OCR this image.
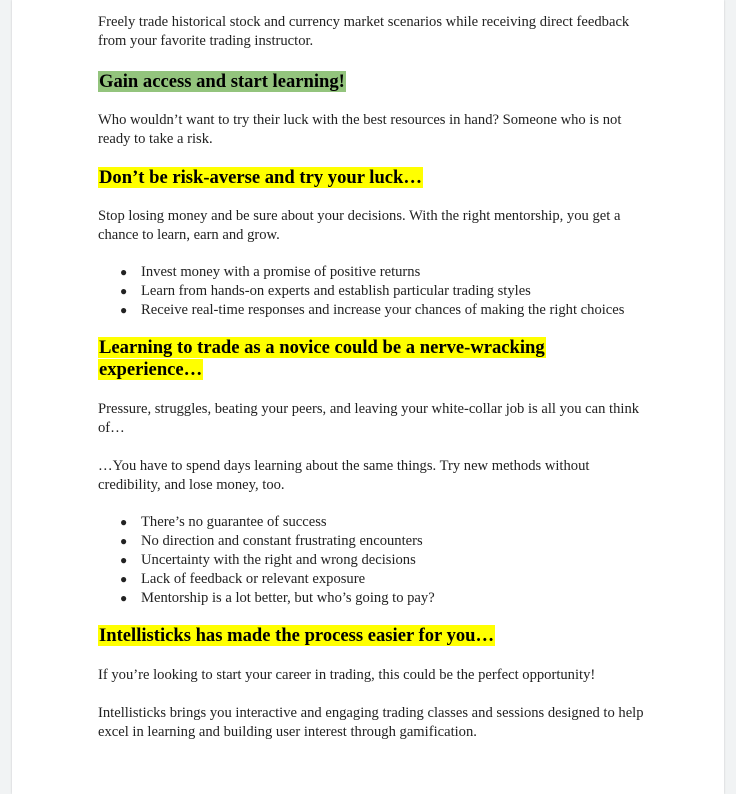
Freely trade historical stock and currency market scenarios while receiving direct feedback from your favorite trading instructor.

Gain access and start learning!

Who wouldn’t want to try their luck with the best resources in hand? Someone who is not ready to take a risk.

Don’t be risk-averse and try your luck…

Stop losing money and be sure about your decisions. With the right mentorship, you get a chance to learn, earn and grow.

● Invest money with a promise of positive returns
● Learn from hands-on experts and establish particular trading styles
● Receive real-time responses and increase your chances of making the right choices
Learning to trade as a novice could be a nerve-wracking experience…

Pressure, struggles, beating your peers, and leaving your white-collar job is all you can think of…

…You have to spend days learning about the same things. Try new methods without credibility, and lose money, too.

● There’s no guarantee of success
● No direction and constant frustrating encounters
● Uncertainty with the right and wrong decisions
● Lack of feedback or relevant exposure
● Mentorship is a lot better, but who’s going to pay?
Intellisticks has made the process easier for you…

If you’re looking to start your career in trading, this could be the perfect opportunity!

Intellisticks brings you interactive and engaging trading classes and sessions designed to help excel in learning and building user interest through gamification.
